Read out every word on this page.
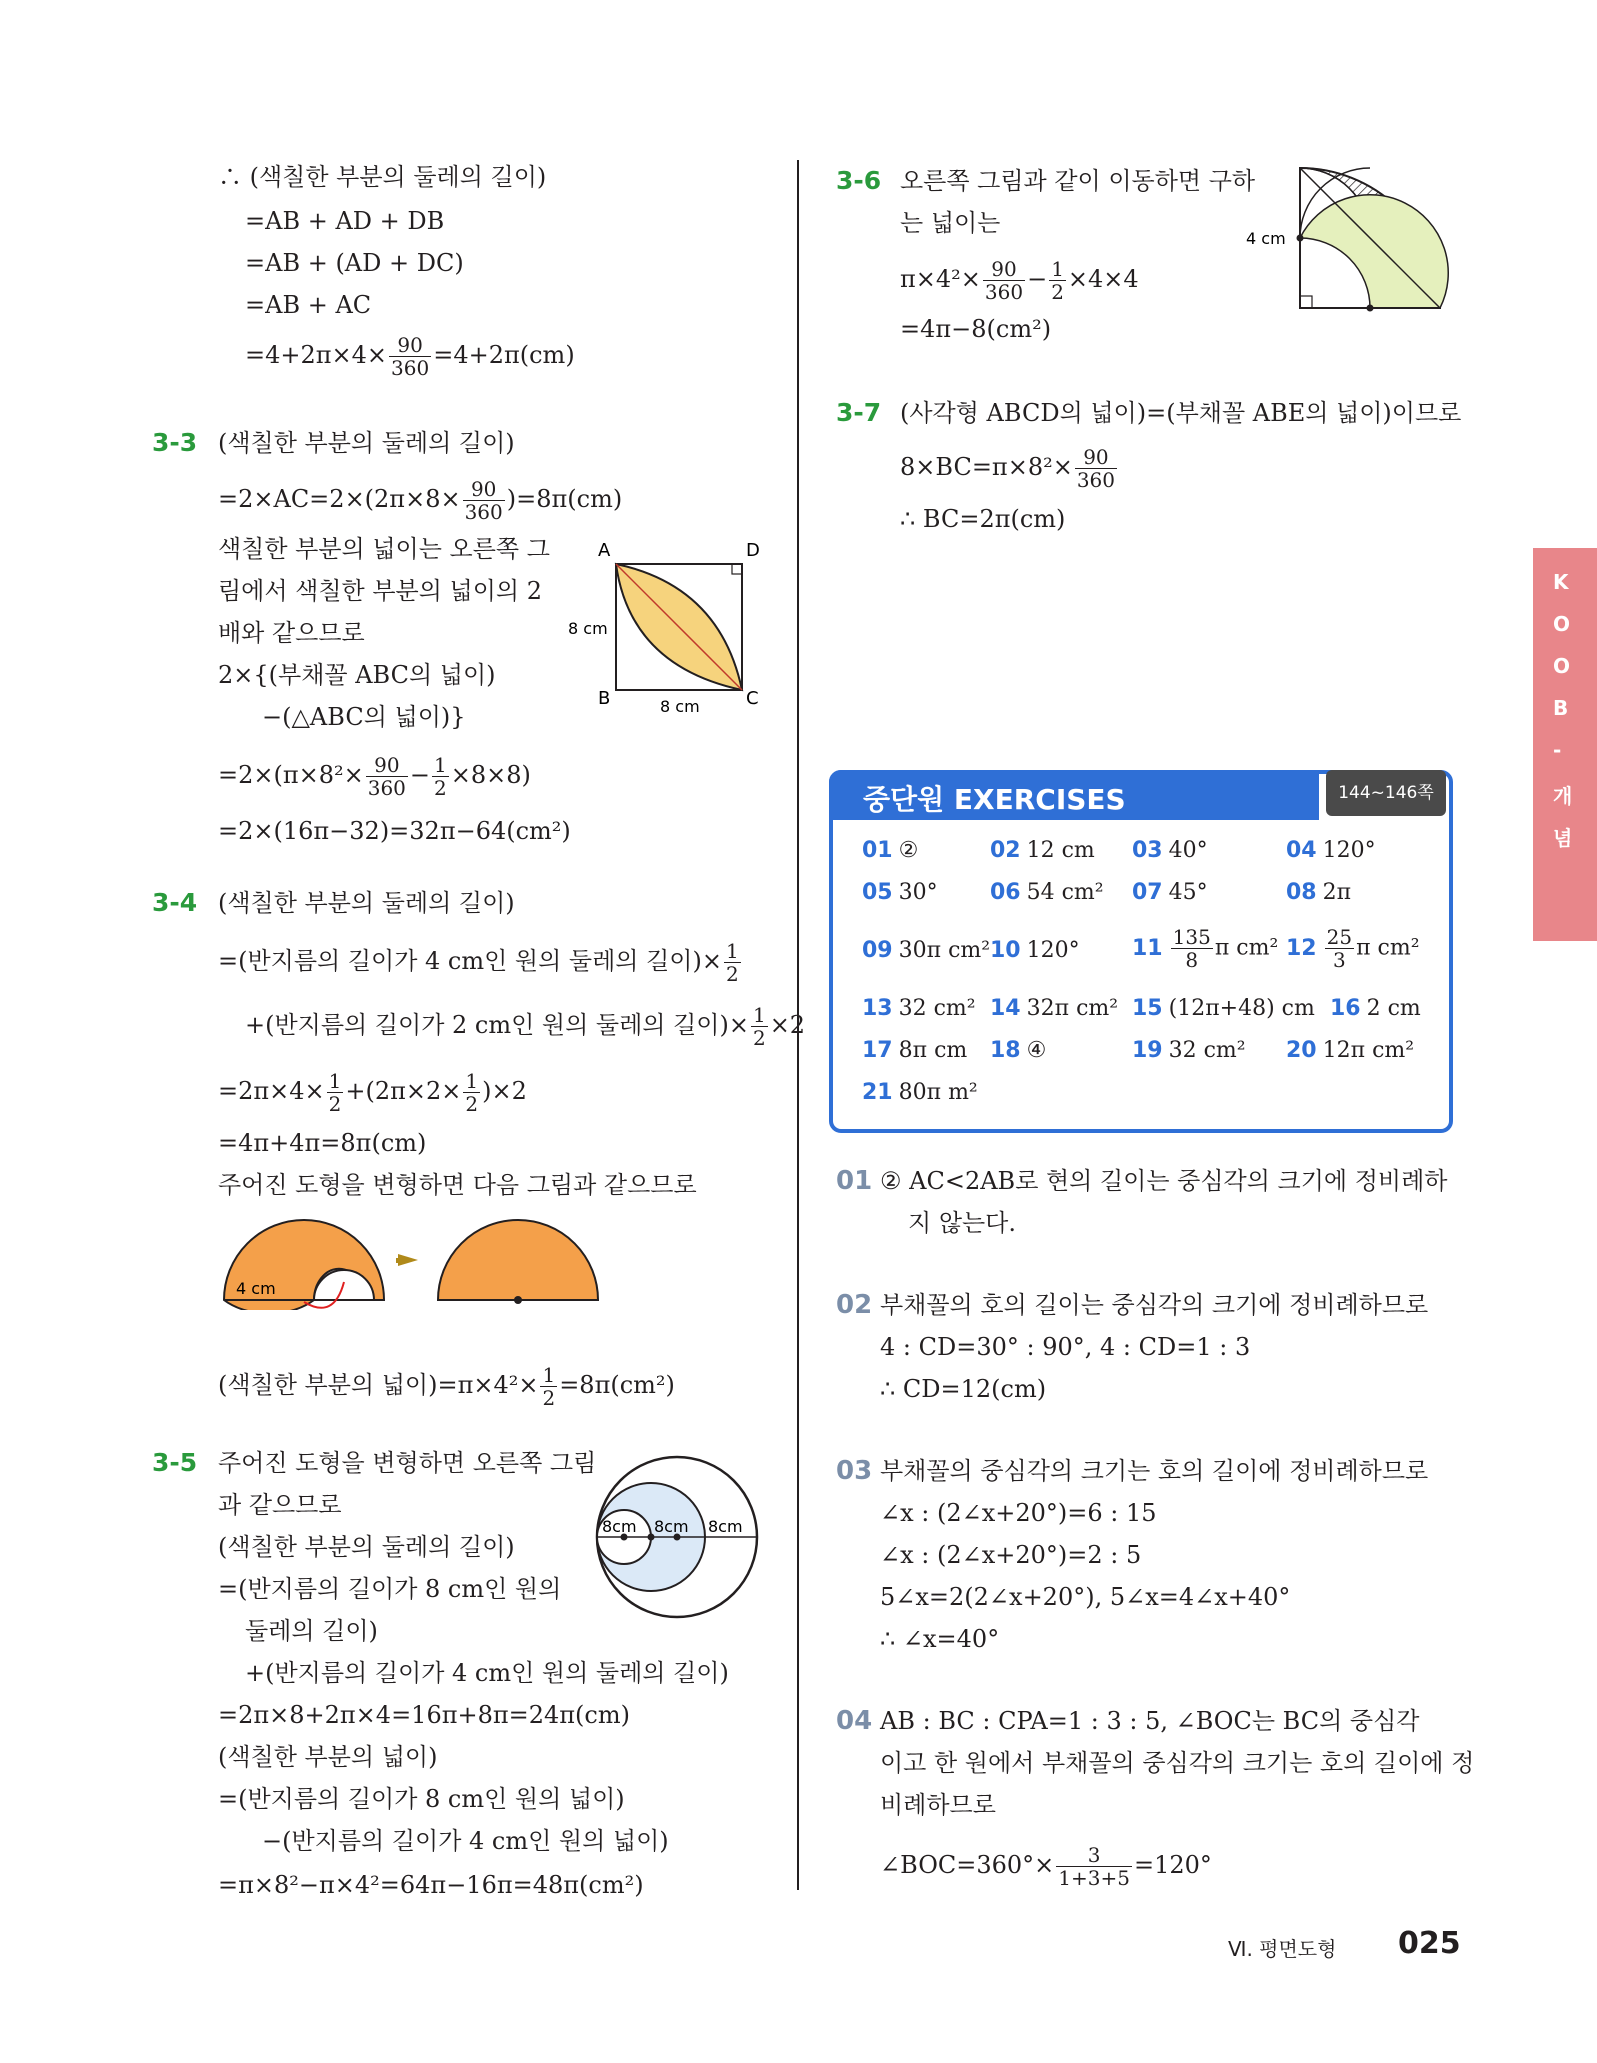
K
O
O
B
-
개
념
∴ (색칠한 부분의 둘레의 길이)
=AB + AD + DB
=AB + (AD + DC)
=AB + AC
$=4+2\pi\times 4\times \frac{90}{360} =4+2\pi(cm)$
3-3 (색칠한 부분의 둘레의 길이)
$=2\times AC=2\times(2\pi\times 8\times \frac{90}{360} )=8\pi(cm)$
색칠한 부분의 넓이는 오른쪽 그
림에서 색칠한 부분의 넓이의 2
배와 같으므로
2×{(부채꼴 ABC의 넓이)
−(△ABC의 넓이)}
$=2\times(\pi\times 8^2\times \frac{90}{360} - \frac{1}{2} \times 8\times 8)$
=2×(16π−32)=32π−64(cm²)
A	D
B	C
8 cm
8 cm
3-4 (색칠한 부분의 둘레의 길이)
=(반지름의 길이가 4 cm인 원의 둘레의 길이)× $\frac{1}{2}$
+(반지름의 길이가 2 cm인 원의 둘레의 길이)× $\frac{1}{2} \times 2$
$=2\pi\times 4\times \frac{1}{2} +(2\pi\times 2\times \frac{1}{2} )\times 2$
=4π+4π=8π(cm)
주어진 도형을 변형하면 다음 그림과 같으므로
4 cm
(색칠한 부분의 넓이)$=\pi\times 4^2\times \frac{1}{2} =8\pi(cm^2)$
3-5 주어진 도형을 변형하면 오른쪽 그림
과 같으므로
(색칠한 부분의 둘레의 길이)
=(반지름의 길이가 8 cm인 원의
둘레의 길이)
+(반지름의 길이가 4 cm인 원의 둘레의 길이)
=2π×8+2π×4=16π+8π=24π(cm)
(색칠한 부분의 넓이)
=(반지름의 길이가 8 cm인 원의 넓이)
−(반지름의 길이가 4 cm인 원의 넓이)
=π×8²−π×4²=64π−16π=48π(cm²)
8cm 8cm 8cm
3-6 오른쪽 그림과 같이 이동하면 구하
는 넓이는
$\pi\times 4^2\times \frac{90}{360} - \frac{1}{2} \times 4\times 4$
=4π−8(cm²)
4 cm
3-7 (사각형 ABCD의 넓이)=(부채꼴 ABE의 넓이)이므로
$8\times BC=\pi\times 8^2\times \frac{90}{360}$
∴ BC=2π(cm)
중단원 EXERCISES	144~146쪽
01 ②	02 12 cm 03 40°	04 120°
05 30° 06 54 cm² 07 45°	08 2π
09 30π cm² 10 120° $11 \frac{135}{8}$ π cm² $12 \frac{25}{3}$ π cm²
13 32 cm² 14 32π cm² 15 (12π+48) cm 16 2 cm
17 8π cm 18 ④	19 32 cm² 20 12π cm²
21 80π m²
01 ② AC<2AB로 현의 길이는 중심각의 크기에 정비례하
지 않는다.
02 부채꼴의 호의 길이는 중심각의 크기에 정비례하므로
4 : CD=30° : 90°, 4 : CD=1 : 3
∴ CD=12(cm)
03 부채꼴의 중심각의 크기는 호의 길이에 정비례하므로
∠x : (2∠x+20°)=6 : 15
∠x : (2∠x+20°)=2 : 5
5∠x=2(2∠x+20°), 5∠x=4∠x+40°
∴ ∠x=40°
04 AB : BC : CPA=1 : 3 : 5, ∠BOC는 BC의 중심각
이고 한 원에서 부채꼴의 중심각의 크기는 호의 길이에 정
비례하므로
∠BOC=360°× $\frac{3}{1+3+5} =120^\circ$
Ⅵ. 평면도형 025
